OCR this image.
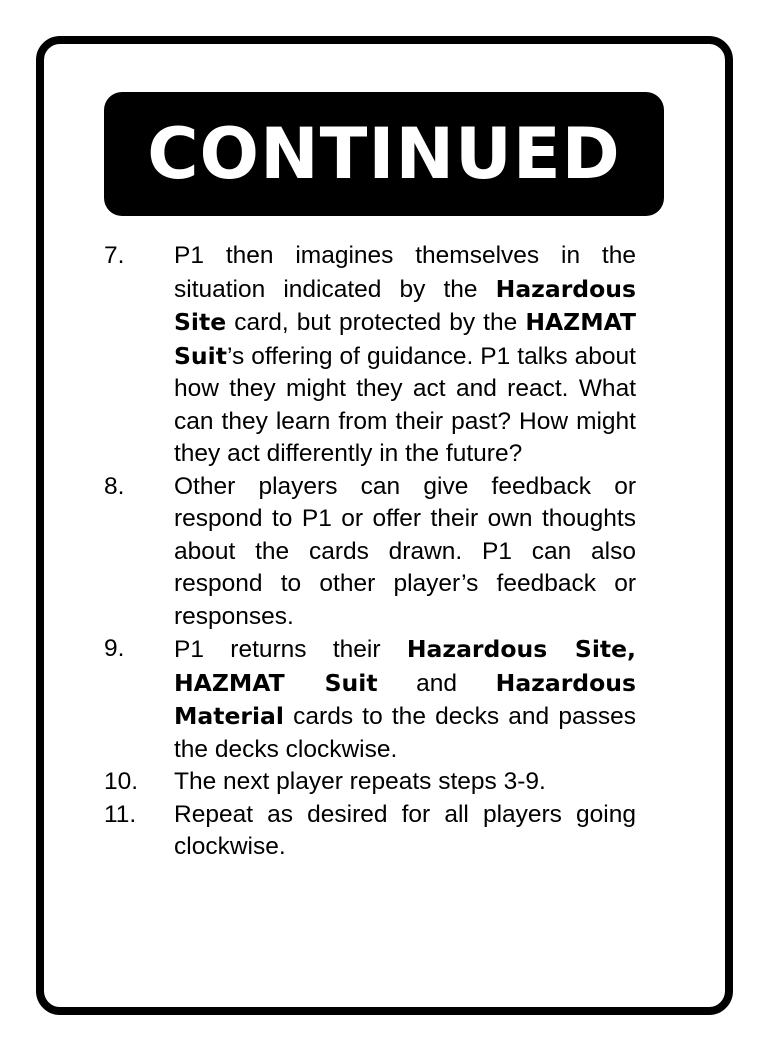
CONTINUED
7.	P1 then imagines themselves in the situation indicated by the Hazardous Site card, but protected by the HAZMAT Suit’s offering of guidance. P1 talks about how they might they act and react. What can they learn from their past? How might they act differently in the future?
8.	Other players can give feedback or respond to P1 or offer their own thoughts about the cards drawn. P1 can also respond to other player’s feedback or responses.
9.	P1 returns their Hazardous Site, HAZMAT Suit and Hazardous Material cards to the decks and passes the decks clockwise.
10.	The next player repeats steps 3-9.
11.	Repeat as desired for all players going clockwise.
